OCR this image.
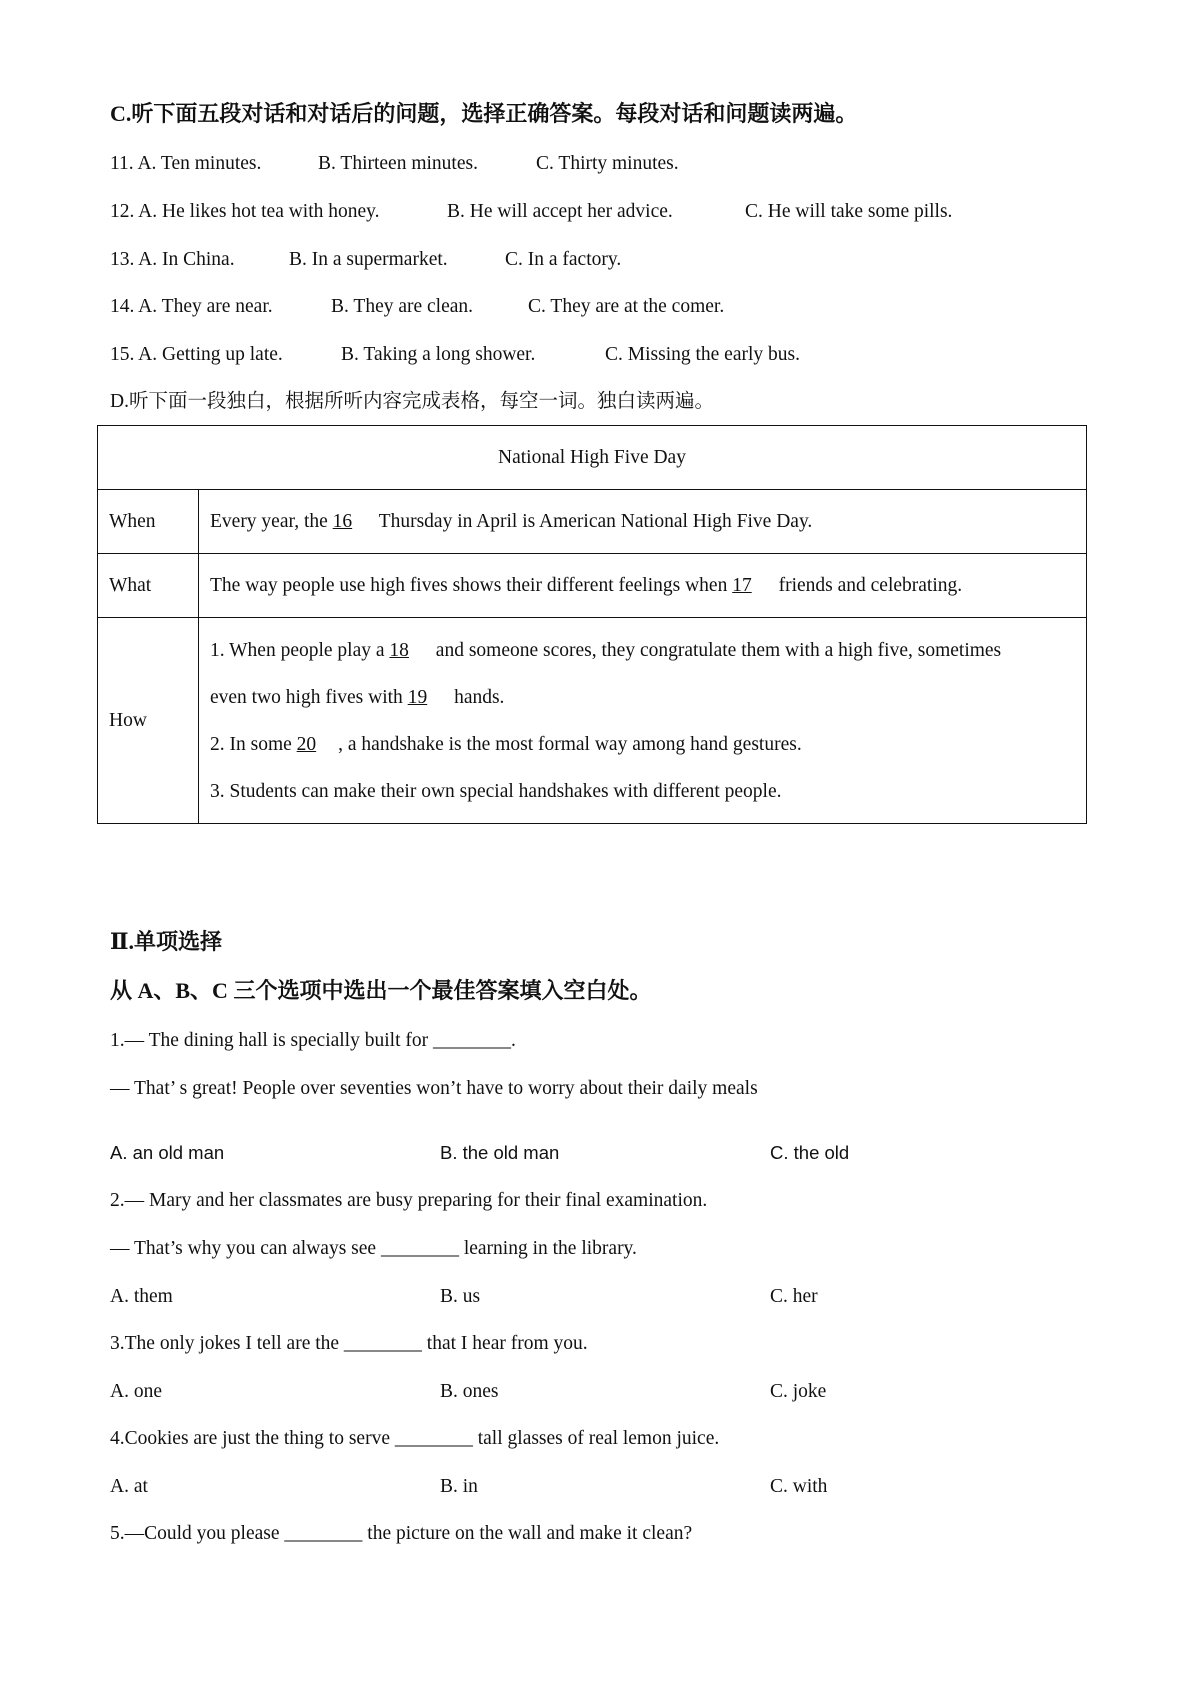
C.听下面五段对话和对话后的问题，选择正确答案。每段对话和问题读两遍。
11. A. Ten minutes.	B. Thirteen minutes.	C. Thirty minutes.
12. A. He likes hot tea with honey.	B. He will accept her advice.	C. He will take some pills.
13. A. In China.	B. In a supermarket.	C. In a factory.
14. A. They are near.	B. They are clean.	C. They are at the comer.
15. A. Getting up late.	B. Taking a long shower.	C. Missing the early bus.
D.听下面一段独白，根据所听内容完成表格，每空一词。独白读两遍。
National High Five Day	
When	Every year, the 16 Thursday in April is American National High Five Day.
What	The way people use high fives shows their different feelings when 17 friends and celebrating.
How	1. When people play a 18 and someone scores, they congratulate them with a high five, sometimes
even two high fives with 19 hands.
2. In some 20 , a handshake is the most formal way among hand gestures.
3. Students can make their own special handshakes with different people.
Ⅱ.单项选择
从 A、B、C 三个选项中选出一个最佳答案填入空白处。
1.— The dining hall is specially built for ________.
— That’ s great! People over seventies won’t have to worry about their daily meals
A. an old man	B. the old man	C. the old
2.— Mary and her classmates are busy preparing for their final examination.
— That’s why you can always see ________ learning in the library.
A. them	B. us	C. her
3.The only jokes I tell are the ________ that I hear from you.
A. one	B. ones	C. joke
4.Cookies are just the thing to serve ________ tall glasses of real lemon juice.
A. at	B. in	C. with
5.—Could you please ________ the picture on the wall and make it clean?
